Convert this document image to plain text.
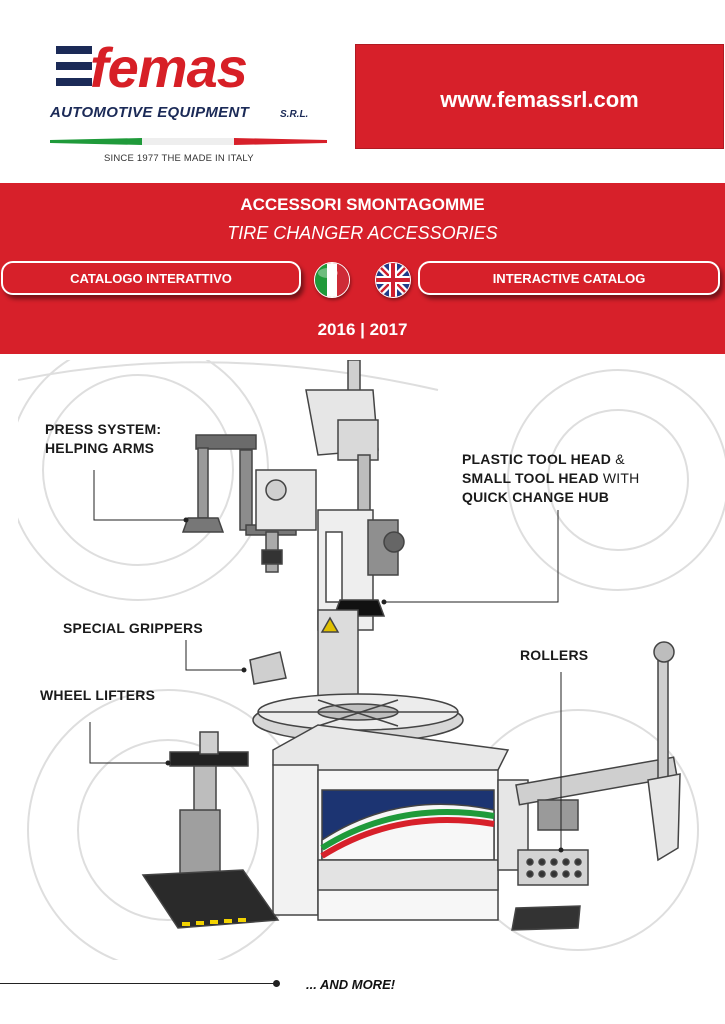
femas
AUTOMOTIVE EQUIPMENT	S.R.L.
SINCE 1977 THE MADE IN ITALY
www.femassrl.com
ACCESSORI SMONTAGOMME
TIRE CHANGER ACCESSORIES
CATALOGO INTERATTIVO	INTERACTIVE CATALOG
2016 | 2017
PRESS SYSTEM:
HELPING ARMS
PLASTIC TOOL HEAD &
SMALL TOOL HEAD WITH
QUICK CHANGE HUB
SPECIAL GRIPPERS
ROLLERS
WHEEL LIFTERS
... AND MORE!
